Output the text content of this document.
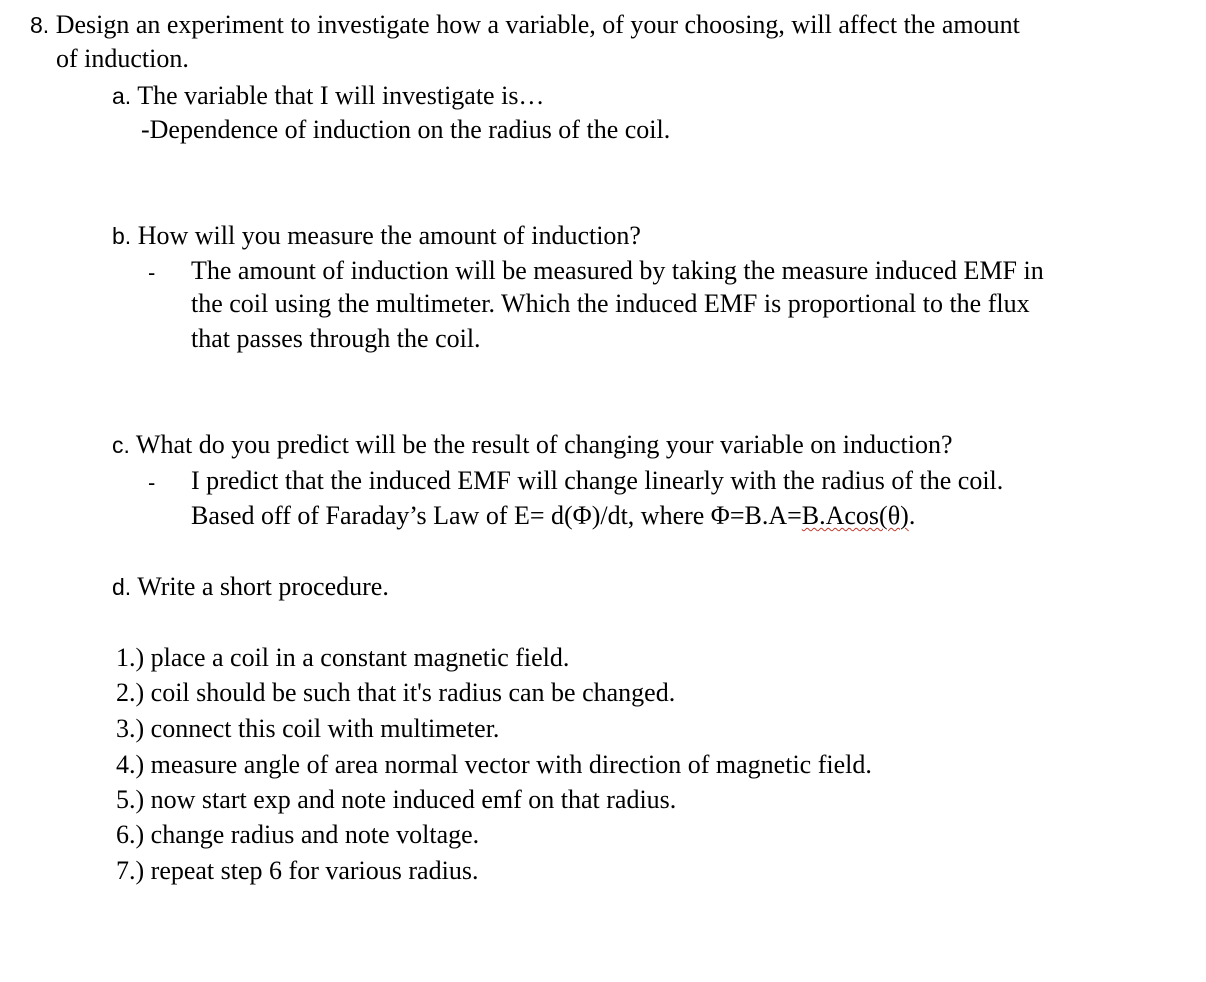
8. Design an experiment to investigate how a variable, of your choosing, will affect the amount
of induction.
a. The variable that I will investigate is…
-Dependence of induction on the radius of the coil.
b. How will you measure the amount of induction?
- The amount of induction will be measured by taking the measure induced EMF in
the coil using the multimeter. Which the induced EMF is proportional to the flux
that passes through the coil.
c. What do you predict will be the result of changing your variable on induction?
- I predict that the induced EMF will change linearly with the radius of the coil.
Based off of Faraday’s Law of E= d(Φ)/dt, where Φ=B.A=B.Acos(θ).
d. Write a short procedure.
1.) place a coil in a constant magnetic field.
2.) coil should be such that it's radius can be changed.
3.) connect this coil with multimeter.
4.) measure angle of area normal vector with direction of magnetic field.
5.) now start exp and note induced emf on that radius.
6.) change radius and note voltage.
7.) repeat step 6 for various radius.
